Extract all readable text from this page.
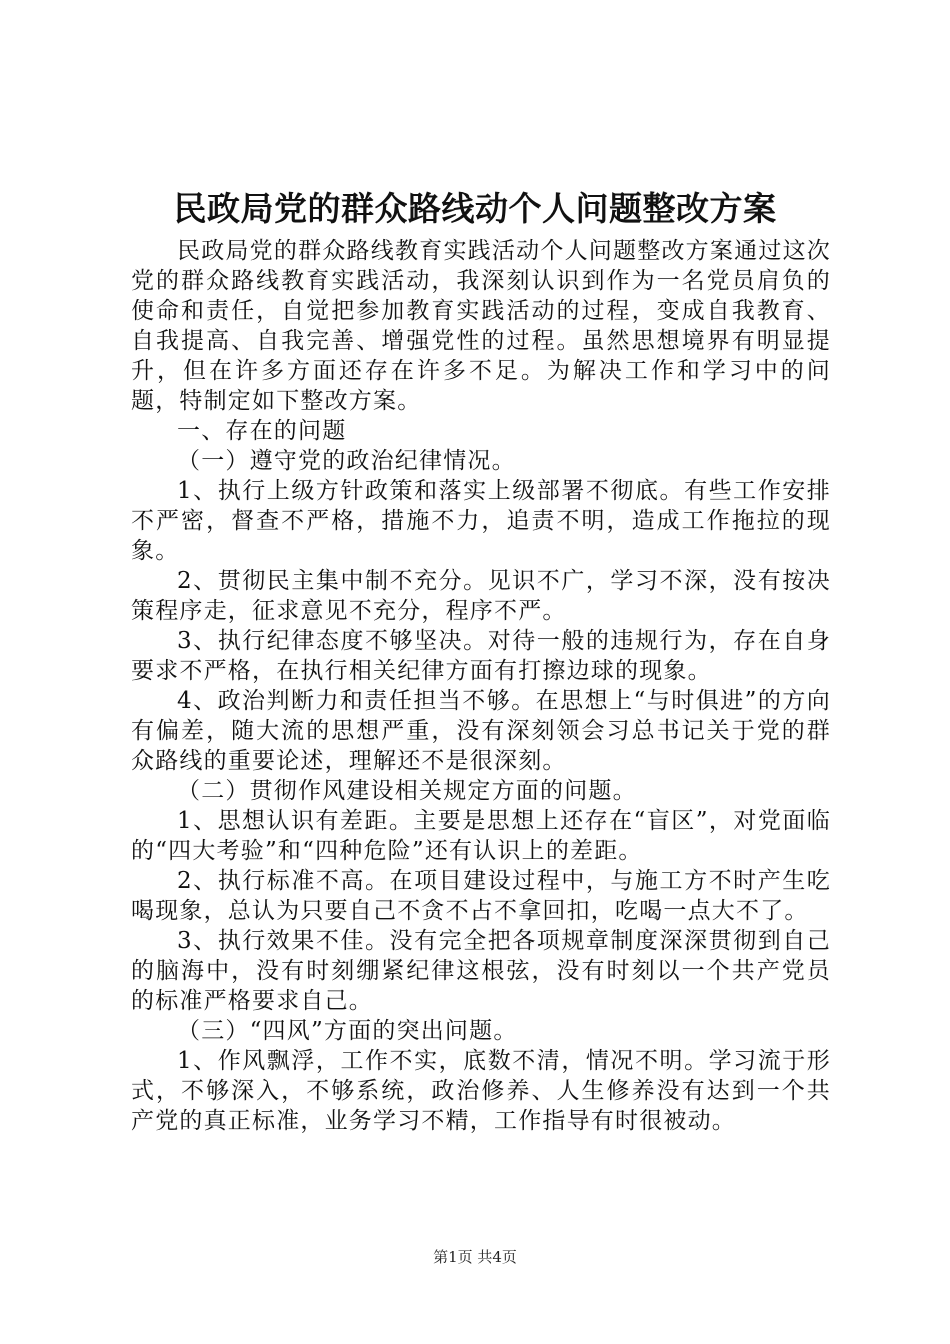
民政局党的群众路线动个人问题整改方案

民政局党的群众路线教育实践活动个人问题整改方案通过这次党的群众路线教育实践活动，我深刻认识到作为一名党员肩负的使命和责任，自觉把参加教育实践活动的过程，变成自我教育、自我提高、自我完善、增强党性的过程。虽然思想境界有明显提升，但在许多方面还存在许多不足。为解决工作和学习中的问题，特制定如下整改方案。

一、存在的问题

（一）遵守党的政治纪律情况。

1、执行上级方针政策和落实上级部署不彻底。有些工作安排不严密，督查不严格，措施不力，追责不明，造成工作拖拉的现象。

2、贯彻民主集中制不充分。见识不广，学习不深，没有按决策程序走，征求意见不充分，程序不严。

3、执行纪律态度不够坚决。对待一般的违规行为，存在自身要求不严格，在执行相关纪律方面有打擦边球的现象。

4、政治判断力和责任担当不够。在思想上“与时俱进”的方向有偏差，随大流的思想严重，没有深刻领会习总书记关于党的群众路线的重要论述，理解还不是很深刻。

（二）贯彻作风建设相关规定方面的问题。

1、思想认识有差距。主要是思想上还存在“盲区”，对党面临的“四大考验”和“四种危险”还有认识上的差距。

2、执行标准不高。在项目建设过程中，与施工方不时产生吃喝现象，总认为只要自己不贪不占不拿回扣，吃喝一点大不了。

3、执行效果不佳。没有完全把各项规章制度深深贯彻到自己的脑海中，没有时刻绷紧纪律这根弦，没有时刻以一个共产党员的标准严格要求自己。

（三）“四风”方面的突出问题。

1、作风飘浮，工作不实，底数不清，情况不明。学习流于形式，不够深入，不够系统，政治修养、人生修养没有达到一个共产党的真正标准，业务学习不精，工作指导有时很被动。

第1页 共4页
